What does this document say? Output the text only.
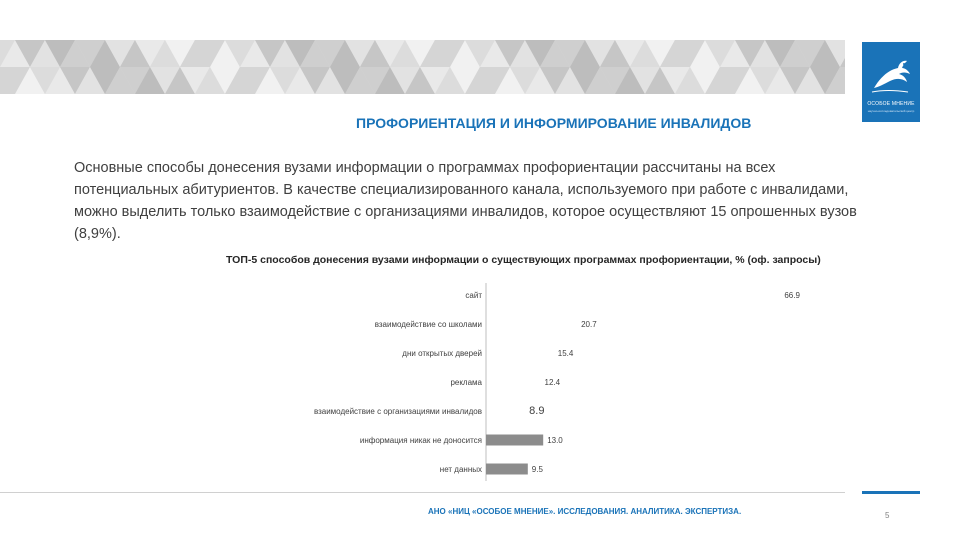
ОСОБОЕ МНЕНИЕ
научно-исследовательский центр
ПРОФОРИЕНТАЦИЯ И ИНФОРМИРОВАНИЕ ИНВАЛИДОВ
Основные способы донесения вузами информации о программах профориентации рассчитаны на всех потенциальных абитуриентов. В качестве специализированного канала, используемого при работе с инвалидами, можно выделить только взаимодействие с организациями инвалидов, которое осуществляют 15 опрошенных вузов (8,9%).
ТОП-5 способов донесения вузами информации о существующих программах профориентации, % (оф. запросы)
сайт	66.9
взаимодействие со школами	20.7
дни открытых дверей	15.4
реклама	12.4
взаимодействие с организациями инвалидов	8.9
информация никак не доносится	13.0
нет данных	9.5
АНО «НИЦ «ОСОБОЕ МНЕНИЕ». ИССЛЕДОВАНИЯ. АНАЛИТИКА. ЭКСПЕРТИЗА.	5
